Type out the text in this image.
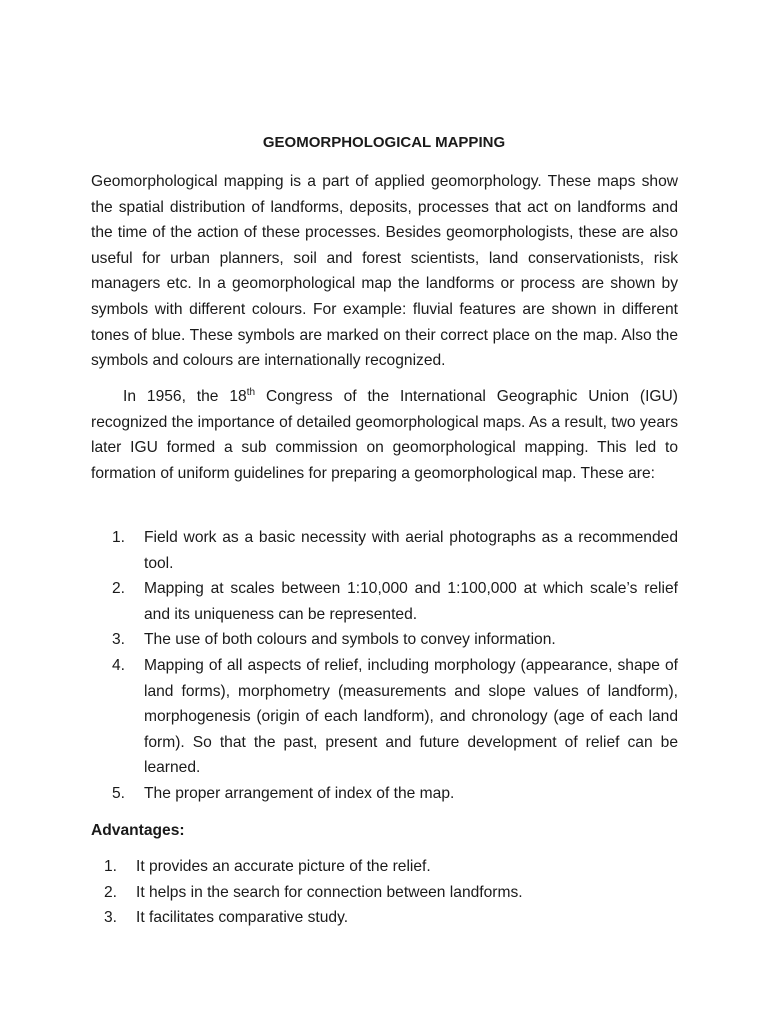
GEOMORPHOLOGICAL MAPPING

Geomorphological mapping is a part of applied geomorphology. These maps show the spatial distribution of landforms, deposits, processes that act on landforms and the time of the action of these processes. Besides geomorphologists, these are also useful for urban planners, soil and forest scientists, land conservationists, risk managers etc. In a geomorphological map the landforms or process are shown by symbols with different colours. For example: fluvial features are shown in different tones of blue. These symbols are marked on their correct place on the map. Also the symbols and colours are internationally recognized.

In 1956, the 18th Congress of the International Geographic Union (IGU) recognized the importance of detailed geomorphological maps. As a result, two years later IGU formed a sub commission on geomorphological mapping. This led to formation of uniform guidelines for preparing a geomorphological map. These are:

1.	Field work as a basic necessity with aerial photographs as a recommended tool.
2.	Mapping at scales between 1:10,000 and 1:100,000 at which scale’s relief and its uniqueness can be represented.
3.	The use of both colours and symbols to convey information.
4.	Mapping of all aspects of relief, including morphology (appearance, shape of land forms), morphometry (measurements and slope values of landform), morphogenesis (origin of each landform), and chronology (age of each land form). So that the past, present and future development of relief can be learned.
5.	The proper arrangement of index of the map.
Advantages:
1.	It provides an accurate picture of the relief.
2.	It helps in the search for connection between landforms.
3.	It facilitates comparative study.
